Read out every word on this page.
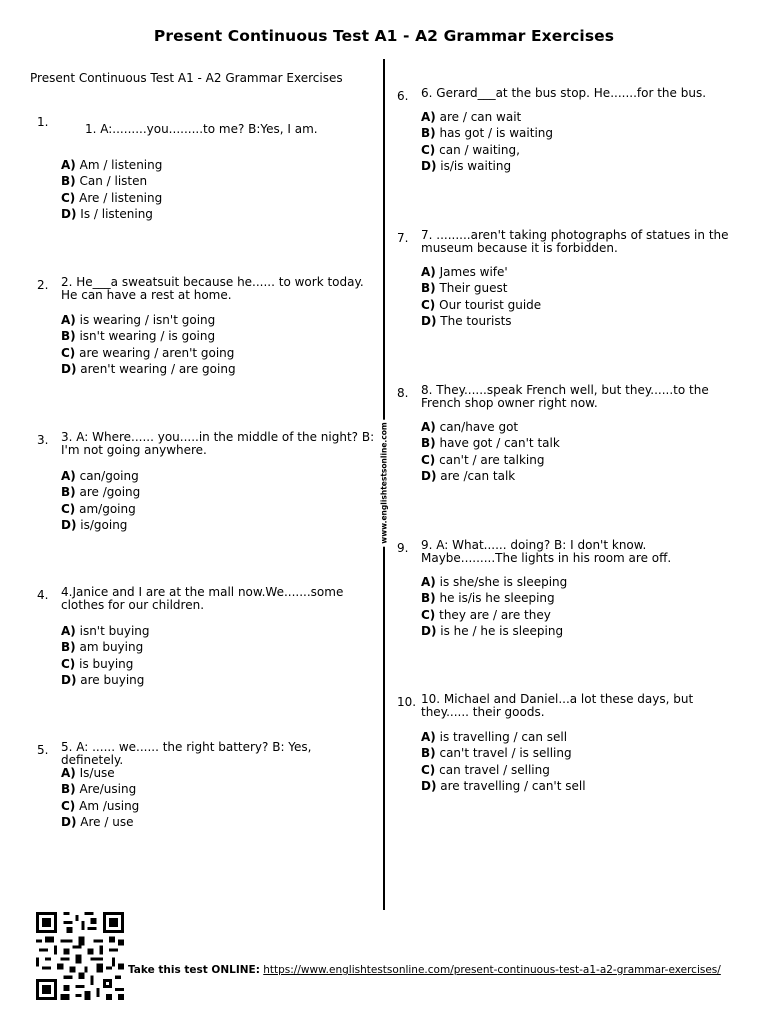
Present Continuous Test A1 - A2 Grammar Exercises
Present Continuous Test A1 - A2 Grammar Exercises
www.englishtestsonline.com
1.	1. A:.........you.........to me? B:Yes, I am.
A) Am / listening
B) Can / listen
C) Are / listening
D) Is / listening
2. 2. He___a sweatsuit because he...... to work today. He can have a rest at home.
A) is wearing / isn't going
B) isn't wearing / is going
C) are wearing / aren't going
D) aren't wearing / are going
3. 3. A: Where...... you.....in the middle of the night? B: I'm not going anywhere.
A) can/going
B) are /going
C) am/going
D) is/going
4. 4.Janice and I are at the mall now.We.......some clothes for our children.
A) isn't buying
B) am buying
C) is buying
D) are buying
5. 5. A: ...... we...... the right battery? B: Yes, definetely.
A) Is/use
B) Are/using
C) Am /using
D) Are / use
6. 6. Gerard___at the bus stop. He.......for the bus.
A) are / can wait
B) has got / is waiting
C) can / waiting,
D) is/is waiting
7. 7. .........aren't taking photographs of statues in the museum because it is forbidden.
A) James wife'
B) Their guest
C) Our tourist guide
D) The tourists
8. 8. They......speak French well, but they......to the French shop owner right now.
A) can/have got
B) have got / can't talk
C) can't / are talking
D) are /can talk
9. 9. A: What...... doing? B: I don't know. Maybe.........The lights in his room are off.
A) is she/she is sleeping
B) he is/is he sleeping
C) they are / are they
D) is he / he is sleeping
10. 10. Michael and Daniel...a lot these days, but they...... their goods.
A) is travelling / can sell
B) can't travel / is selling
C) can travel / selling
D) are travelling / can't sell
Take this test ONLINE: https://www.englishtestsonline.com/present-continuous-test-a1-a2-grammar-exercises/
